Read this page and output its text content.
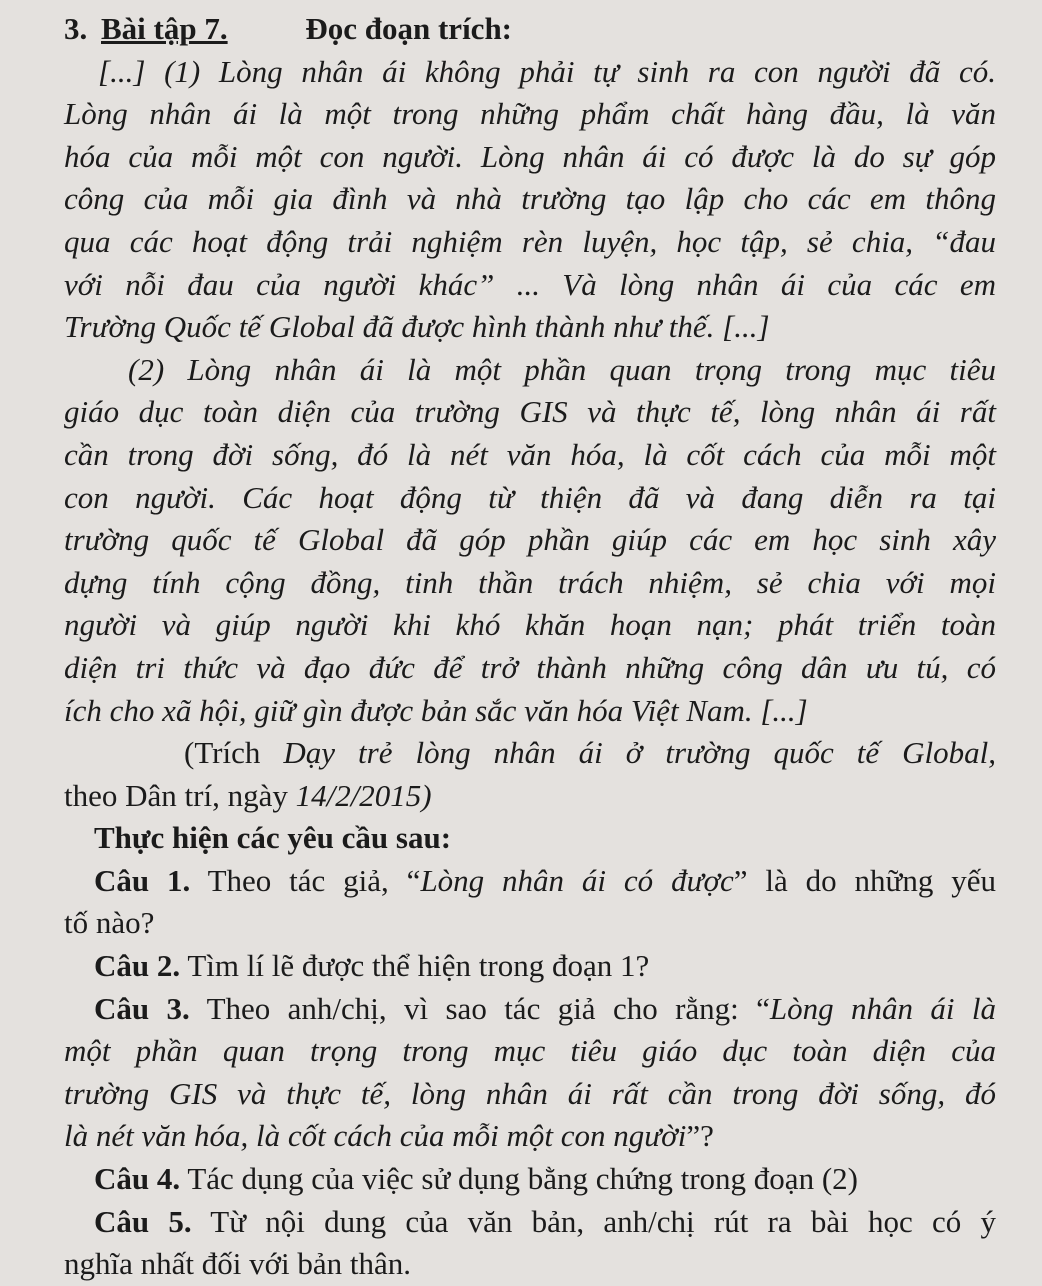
3. Bài tập 7.	Đọc đoạn trích:
[...] (1) Lòng nhân ái không phải tự sinh ra con người đã có.
Lòng nhân ái là một trong những phẩm chất hàng đầu, là văn
hóa của mỗi một con người. Lòng nhân ái có được là do sự góp
công của mỗi gia đình và nhà trường tạo lập cho các em thông
qua các hoạt động trải nghiệm rèn luyện, học tập, sẻ chia, “đau
với nỗi đau của người khác” ... Và lòng nhân ái của các em
Trường Quốc tế Global đã được hình thành như thế. [...]
(2) Lòng nhân ái là một phần quan trọng trong mục tiêu
giáo dục toàn diện của trường GIS và thực tế, lòng nhân ái rất
cần trong đời sống, đó là nét văn hóa, là cốt cách của mỗi một
con người. Các hoạt động từ thiện đã và đang diễn ra tại
trường quốc tế Global đã góp phần giúp các em học sinh xây
dựng tính cộng đồng, tinh thần trách nhiệm, sẻ chia với mọi
người và giúp người khi khó khăn hoạn nạn; phát triển toàn
diện tri thức và đạo đức để trở thành những công dân ưu tú, có
ích cho xã hội, giữ gìn được bản sắc văn hóa Việt Nam. [...]
(Trích Dạy trẻ lòng nhân ái ở trường quốc tế Global,
theo Dân trí, ngày 14/2/2015)
Thực hiện các yêu cầu sau:
Câu 1. Theo tác giả, “Lòng nhân ái có được” là do những yếu
tố nào?
Câu 2. Tìm lí lẽ được thể hiện trong đoạn 1?
Câu 3. Theo anh/chị, vì sao tác giả cho rằng: “Lòng nhân ái là
một phần quan trọng trong mục tiêu giáo dục toàn diện của
trường GIS và thực tế, lòng nhân ái rất cần trong đời sống, đó
là nét văn hóa, là cốt cách của mỗi một con người”?
Câu 4. Tác dụng của việc sử dụng bằng chứng trong đoạn (2)
Câu 5. Từ nội dung của văn bản, anh/chị rút ra bài học có ý
nghĩa nhất đối với bản thân.
